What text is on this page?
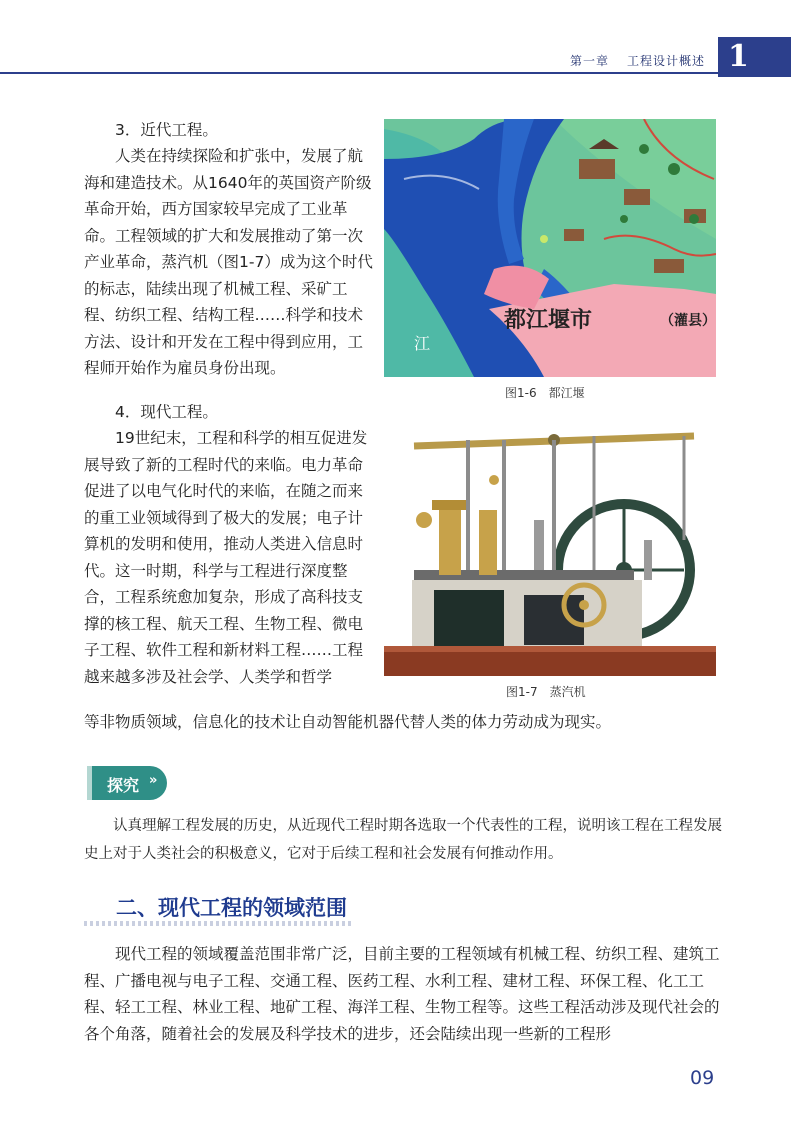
第一章 工程设计概述 1

3．近代工程。

人类在持续探险和扩张中，发展了航海和建造技术。从1640年的英国资产阶级革命开始，西方国家较早完成了工业革命。工程领域的扩大和发展推动了第一次产业革命，蒸汽机（图1-7）成为这个时代的标志，陆续出现了机械工程、采矿工程、纺织工程、结构工程……科学和技术方法、设计和开发在工程中得到应用，工程师开始作为雇员身份出现。

4．现代工程。

19世纪末，工程和科学的相互促进发展导致了新的工程时代的来临。电力革命促进了以电气化时代的来临，在随之而来的重工业领域得到了极大的发展；电子计算机的发明和使用，推动人类进入信息时代。这一时期，科学与工程进行深度整合，工程系统愈加复杂，形成了高科技支撑的核工程、航天工程、生物工程、微电子工程、软件工程和新材料工程……工程越来越多涉及社会学、人类学和哲学

等非物质领域，信息化的技术让自动智能机器代替人类的体力劳动成为现实。

都江堰市	（灌县）
江
图1-6　都江堰
图1-7　蒸汽机
探究 »

认真理解工程发展的历史，从近现代工程时期各选取一个代表性的工程，说明该工程在工程发展史上对于人类社会的积极意义，它对于后续工程和社会发展有何推动作用。

二、现代工程的领域范围

现代工程的领域覆盖范围非常广泛，目前主要的工程领域有机械工程、纺织工程、建筑工程、广播电视与电子工程、交通工程、医药工程、水利工程、建材工程、环保工程、化工工程、轻工工程、林业工程、地矿工程、海洋工程、生物工程等。这些工程活动涉及现代社会的各个角落，随着社会的发展及科学技术的进步，还会陆续出现一些新的工程形

09
